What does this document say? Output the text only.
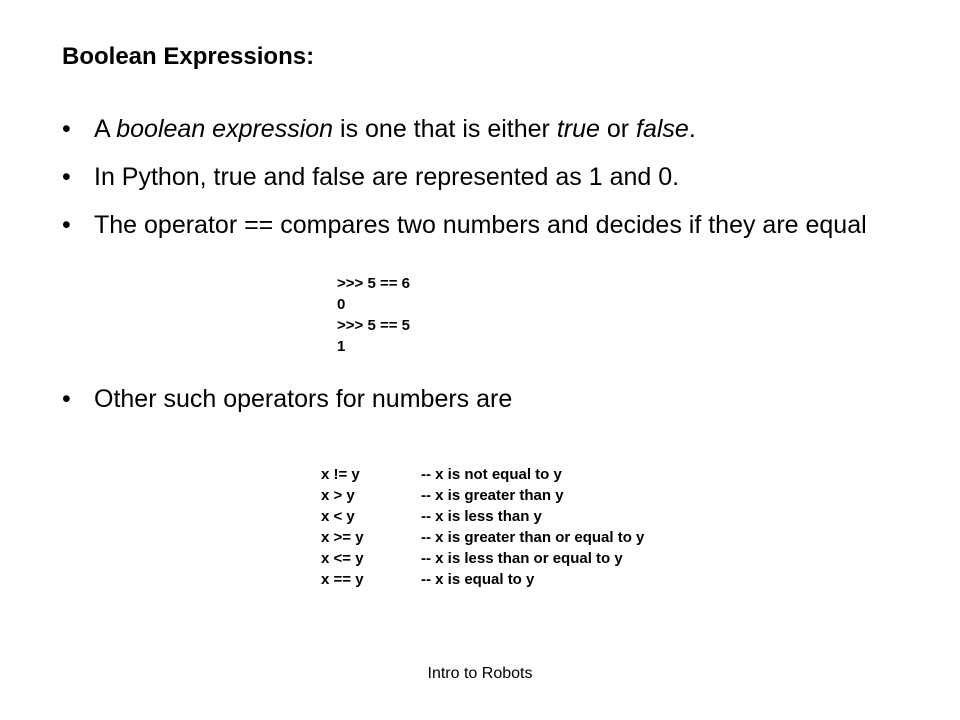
Boolean Expressions:
• A boolean expression is one that is either true or false.
• In Python, true and false are represented as 1 and 0.
• The operator == compares two numbers and decides if they are equal
>>> 5 == 6
0
>>> 5 == 5
1
• Other such operators for numbers are
x != y	-- x is not equal to y
x > y	-- x is greater than y
x < y	-- x is less than y
x >= y	-- x is greater than or equal to y
x <= y	-- x is less than or equal to y
x == y	-- x is equal to y
Intro to Robots
